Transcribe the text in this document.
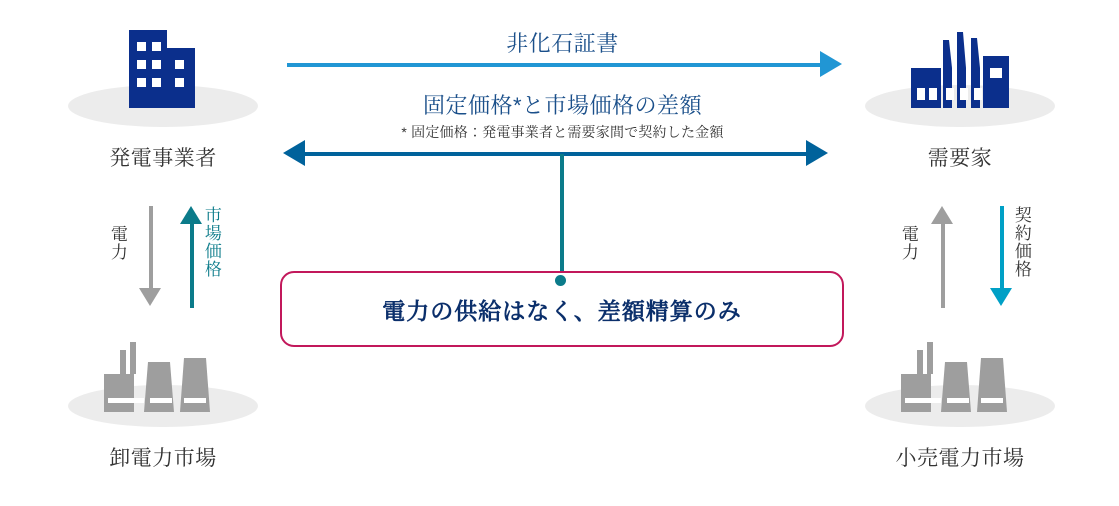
発電事業者	需要家
卸電力市場	小売電力市場
非化石証書
固定価格*と市場価格の差額
* 固定価格：発電事業者と需要家間で契約した金額
電力	市場価格	電力	契約価格
電力の供給はなく、差額精算のみ
